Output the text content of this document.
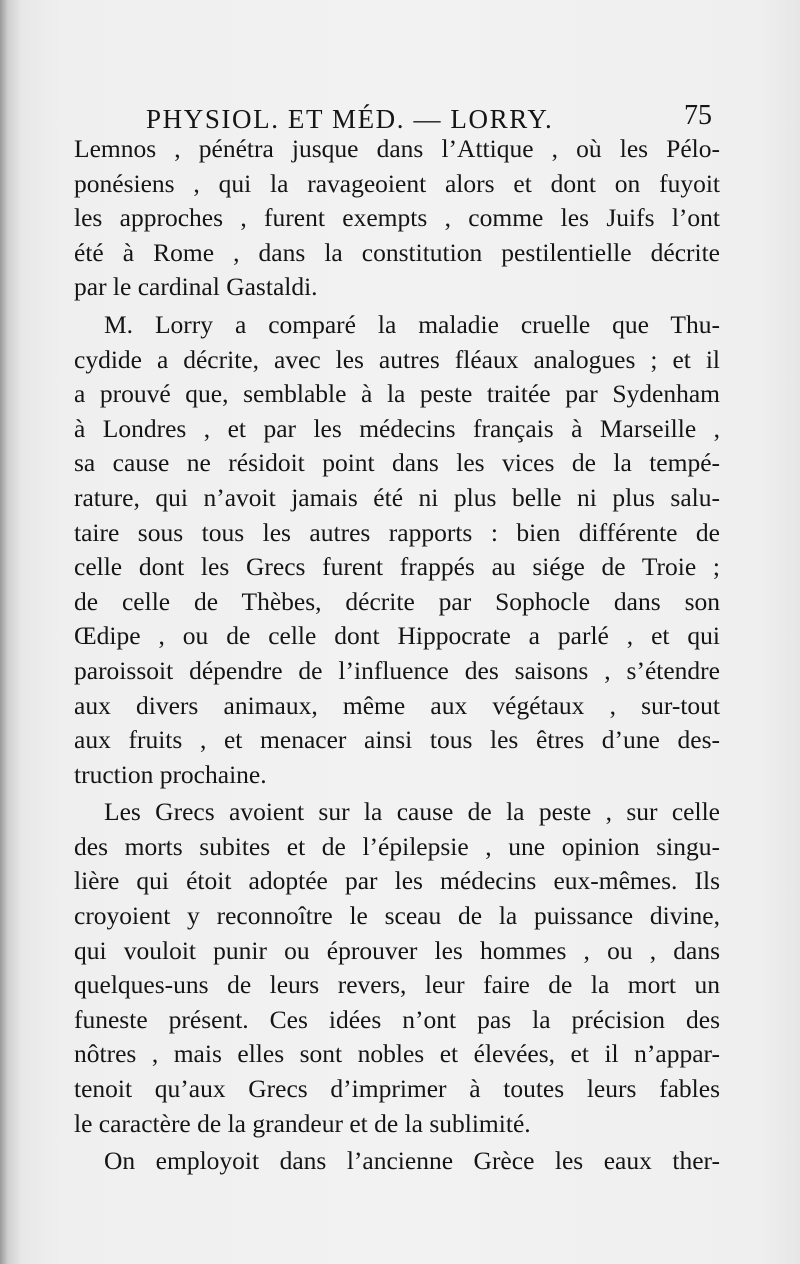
PHYSIOL. ET MÉD. — LORRY.	75
Lemnos , pénétra jusque dans l’Attique , où les Pélo-
ponésiens , qui la ravageoient alors et dont on fuyoit
les approches , furent exempts , comme les Juifs l’ont
été à Rome , dans la constitution pestilentielle décrite
par le cardinal Gastaldi.
M. Lorry a comparé la maladie cruelle que Thu-
cydide a décrite, avec les autres fléaux analogues ; et il
a prouvé que, semblable à la peste traitée par Sydenham
à Londres , et par les médecins français à Marseille ,
sa cause ne résidoit point dans les vices de la tempé-
rature, qui n’avoit jamais été ni plus belle ni plus salu-
taire sous tous les autres rapports : bien différente de
celle dont les Grecs furent frappés au siége de Troie ;
de celle de Thèbes, décrite par Sophocle dans son
Œdipe , ou de celle dont Hippocrate a parlé , et qui
paroissoit dépendre de l’influence des saisons , s’étendre
aux divers animaux, même aux végétaux , sur-tout
aux fruits , et menacer ainsi tous les êtres d’une des-
truction prochaine.
Les Grecs avoient sur la cause de la peste , sur celle
des morts subites et de l’épilepsie , une opinion singu-
lière qui étoit adoptée par les médecins eux-mêmes. Ils
croyoient y reconnoître le sceau de la puissance divine,
qui vouloit punir ou éprouver les hommes , ou , dans
quelques-uns de leurs revers, leur faire de la mort un
funeste présent. Ces idées n’ont pas la précision des
nôtres , mais elles sont nobles et élevées, et il n’appar-
tenoit qu’aux Grecs d’imprimer à toutes leurs fables
le caractère de la grandeur et de la sublimité.
On employoit dans l’ancienne Grèce les eaux ther-
